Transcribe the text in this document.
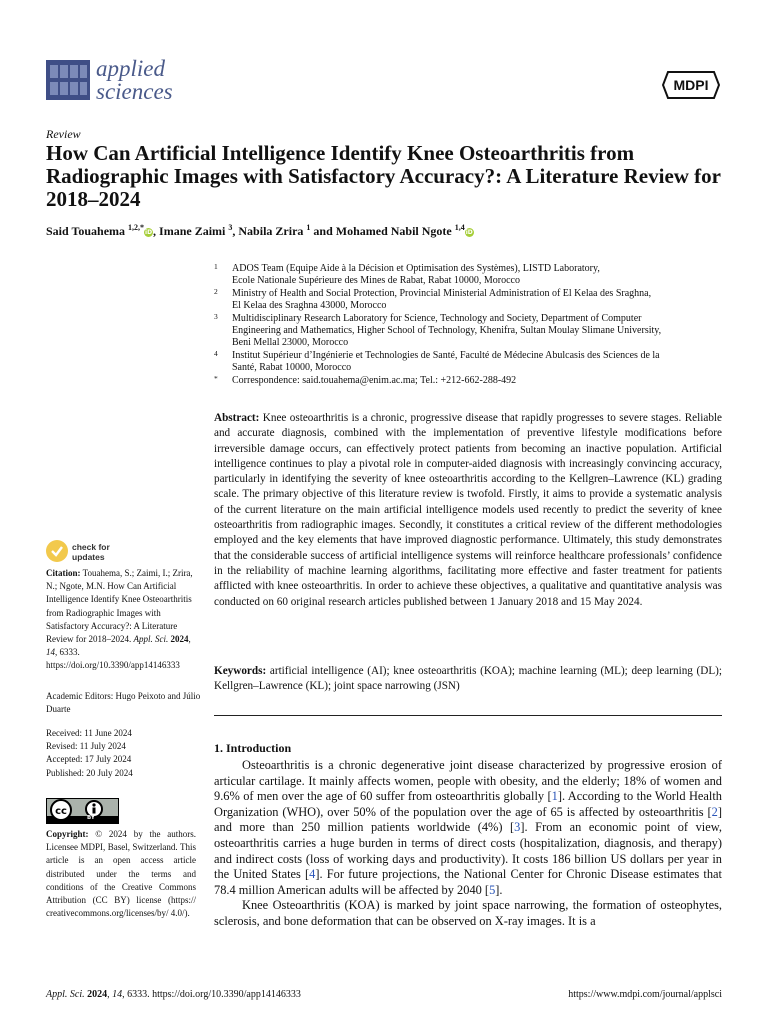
applied
sciences	MDPI
Review
How Can Artificial Intelligence Identify Knee Osteoarthritis from Radiographic Images with Satisfactory Accuracy?: A Literature Review for 2018–2024
Said Touahema $^{1,2,*}$iD, Imane Zaimi $^3$, Nabila Zrira $^1$ and Mohamed Nabil Ngote $^{1,4}$iD
1 ADOS Team (Equipe Aide à la Décision et Optimisation des Systèmes), LISTD Laboratory,
Ecole Nationale Supérieure des Mines de Rabat, Rabat 10000, Morocco
2 Ministry of Health and Social Protection, Provincial Ministerial Administration of El Kelaa des Sraghna,
El Kelaa des Sraghna 43000, Morocco
3 Multidisciplinary Research Laboratory for Science, Technology and Society, Department of Computer
Engineering and Mathematics, Higher School of Technology, Khenifra, Sultan Moulay Slimane University,
Beni Mellal 23000, Morocco
4 Institut Supérieur d’Ingénierie et Technologies de Santé, Faculté de Médecine Abulcasis des Sciences de la
Santé, Rabat 10000, Morocco
* Correspondence: said.touahema@enim.ac.ma; Tel.: +212-662-288-492
Abstract: Knee osteoarthritis is a chronic, progressive disease that rapidly progresses to severe stages. Reliable and accurate diagnosis, combined with the implementation of preventive lifestyle modifications before irreversible damage occurs, can effectively protect patients from becoming an inactive population. Artificial intelligence continues to play a pivotal role in computer-aided diagnosis with increasingly convincing accuracy, particularly in identifying the severity of knee osteoarthritis according to the Kellgren–Lawrence (KL) grading scale. The primary objective of this literature review is twofold. Firstly, it aims to provide a systematic analysis of the current literature on the main artificial intelligence models used recently to predict the severity of knee osteoarthritis from radiographic images. Secondly, it constitutes a critical review of the different methodologies employed and the key elements that have improved diagnostic performance. Ultimately, this study demonstrates that the considerable success of artificial intelligence systems will reinforce healthcare professionals’ confidence in the reliability of machine learning algorithms, facilitating more effective and faster treatment for patients afflicted with knee osteoarthritis. In order to achieve these objectives, a qualitative and quantitative analysis was conducted on 60 original research articles published between 1 January 2018 and 15 May 2024.
Keywords: artificial intelligence (AI); knee osteoarthritis (KOA); machine learning (ML); deep learning (DL); Kellgren–Lawrence (KL); joint space narrowing (JSN)
check for
updates
Citation: Touahema, S.; Zaimi, I.; Zrira, N.; Ngote, M.N. How Can Artificial Intelligence Identify Knee Osteoarthritis from Radiographic Images with Satisfactory Accuracy?: A Literature Review for 2018–2024. Appl. Sci. 2024, 14, 6333. https://doi.org/10.3390/app14146333
Academic Editors: Hugo Peixoto and Júlio Duarte
Received: 11 June 2024
Revised: 11 July 2024
Accepted: 17 July 2024
Published: 20 July 2024
cc
BY
Copyright: © 2024 by the authors. Licensee MDPI, Basel, Switzerland. This article is an open access article distributed under the terms and conditions of the Creative Commons Attribution (CC BY) license (https:// creativecommons.org/licenses/by/ 4.0/).
1. Introduction

Osteoarthritis is a chronic degenerative joint disease characterized by progressive erosion of articular cartilage. It mainly affects women, people with obesity, and the elderly; 18% of women and 9.6% of men over the age of 60 suffer from osteoarthritis globally [1]. According to the World Health Organization (WHO), over 50% of the population over the age of 65 is affected by osteoarthritis [2] and more than 250 million patients worldwide (4%) [3]. From an economic point of view, osteoarthritis carries a huge burden in terms of direct costs (hospitalization, diagnosis, and therapy) and indirect costs (loss of working days and productivity). It costs 186 billion US dollars per year in the United States [4]. For future projections, the National Center for Chronic Disease estimates that 78.4 million American adults will be affected by 2040 [5].

Knee Osteoarthritis (KOA) is marked by joint space narrowing, the formation of osteophytes, sclerosis, and bone deformation that can be observed on X-ray images. It is a

Appl. Sci. 2024, 14, 6333. https://doi.org/10.3390/app14146333	https://www.mdpi.com/journal/applsci
